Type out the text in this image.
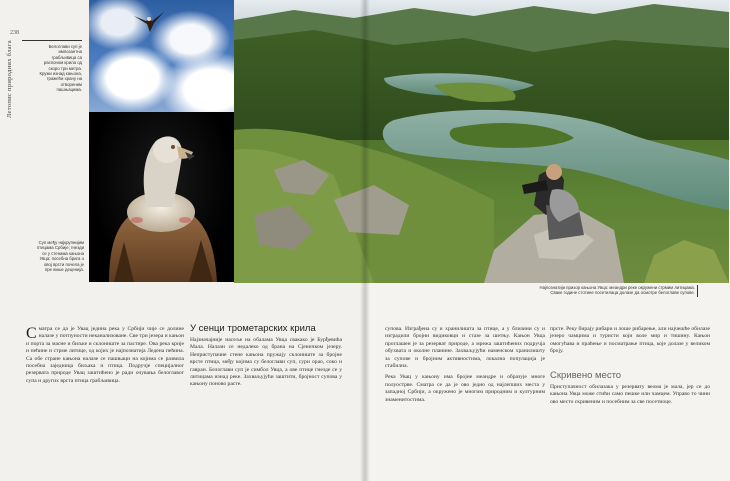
238
Летопис природних блага	Белоглави суп је импозантна грабљивица са распоном крила од скоро три метра. Кружи изнад кањона, тражећи храну на отвореним пашњацима.
Суп међу најкрупнијим птицама Србије; гнезди се у стенама кањона Увца; посебна брига о овој врсти почела је пре више деценија.
Најпознатији призор кањона Увца: меандри реке окружени стрмим литицама. Сваке године стотине посетилаца долазе да осмотре белоглаве супове.

Сматра се да је Увац једина река у Србији чије се долине налазе у потпуности неканализоване. Све три језера и кањон и порта за масне и биљке и склониште за пастире. Ова река крије и пећине и стрме литице, од којих је најпознатија Ледена пећина. Са обе стране кањона налазе се пашњаци на којима се развила посебна заједница биљака и птица. Подручје специјалног резервата природе Увац заштићено је ради очувања белоглавог супа и других врста птица грабљивица.

У сенци трометарских крила

Најзначајније насеље на обалама Увца свакако је Бурђевића Мала. Налази се недалеко од брана на Сјеничком језеру. Неприступачне стене кањона пружају склониште за бројне врсте птица, међу којима су белоглави суп, сури орао, соко и гавран. Белоглави суп је симбол Увца, а ове птице гнезде се у литицама изнад реке. Захваљујући заштити, бројност супова у кањону поново расте.

супова. Изграђена су и хранилишта за птице, а у близини су и изградили бројни видиковци и стазе за шетњу. Кањон Увца проглашен је за резерват природе, а мрежа заштићених подручја обухвата и околне планине. Захваљујући наменском хранилишту за супове и бројним активностима, локална популација је стабилна.

Река Увац у кањону има бројне меандре и образује многе полуострве. Сматра се да је ово једно од најлепших места у западној Србији, а окружено је многим природним и културним знаменитостима.

прсте. Реку бирају рибари и лоше рибарење, али најчешће обилазе језеро чамцима и туристи који воле мир и тишину. Кањон омогућава и праћење и посматрање птица, које долазе у великом броју.

Скривено место

Приступачност обилазака у резервату веома је мала, јер се до кањона Увца може стићи само пешке или чамцем. Управо то чини ово место скривеним и посебним за све посетиоце.
